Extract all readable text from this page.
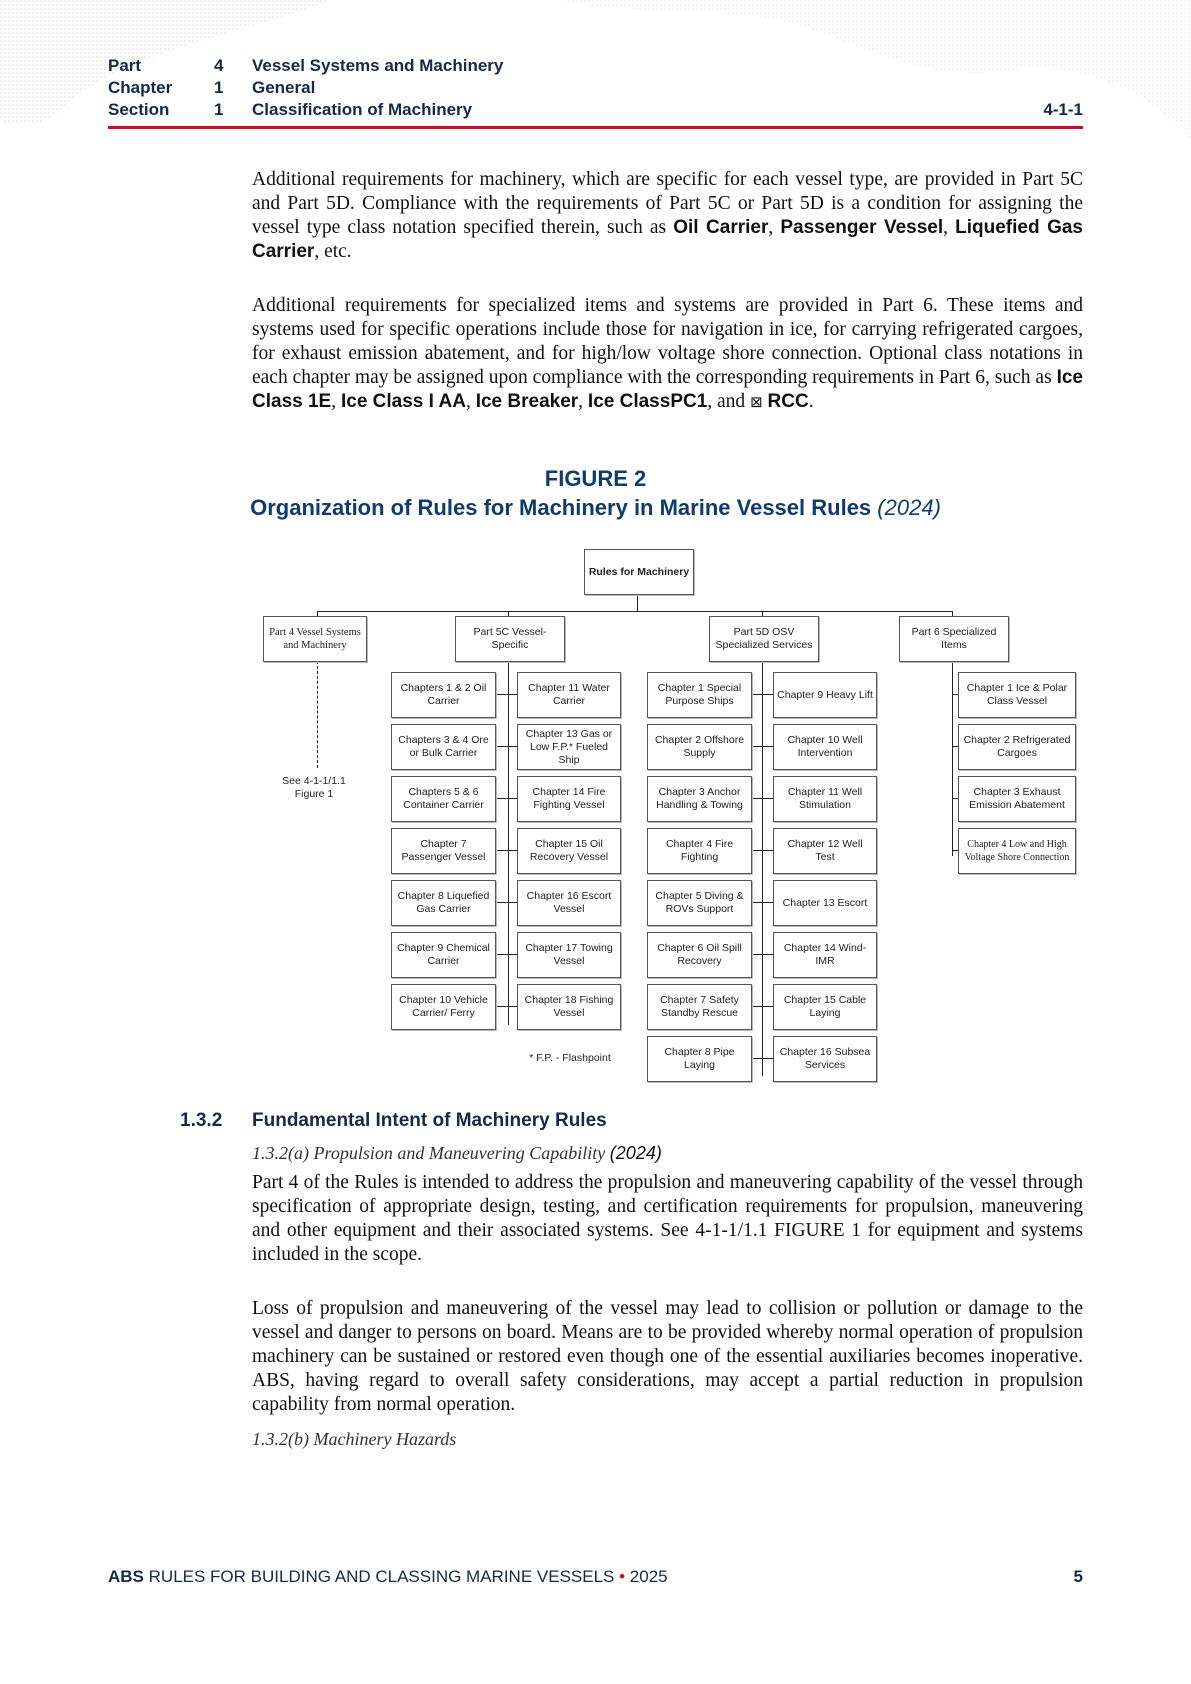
Part	4 Vessel Systems and Machinery
Chapter 1 General
Section	1 Classification of Machinery	4-1-1

Additional requirements for machinery, which are specific for each vessel type, are provided in Part 5C and Part 5D. Compliance with the requirements of Part 5C or Part 5D is a condition for assigning the vessel type class notation specified therein, such as Oil Carrier, Passenger Vessel, Liquefied Gas Carrier, etc.

Additional requirements for specialized items and systems are provided in Part 6. These items and systems used for specific operations include those for navigation in ice, for carrying refrigerated cargoes, for exhaust emission abatement, and for high/low voltage shore connection. Optional class notations in each chapter may be assigned upon compliance with the corresponding requirements in Part 6, such as Ice Class 1E, Ice Class I AA, Ice Breaker, Ice ClassPC1, and ⊠ RCC.

FIGURE 2
Organization of Rules for Machinery in Marine Vessel Rules (2024)
Rules for Machinery
Part 4 Vessel Systems and Machinery
See 4-1-1/1.1 Figure 1
Part 5C Vessel-Specific
Part 5D OSV Specialized Services
Part 6 Specialized Items
Chapters 1 & 2 Oil Carrier
Chapters 3 & 4 Ore or Bulk Carrier
Chapters 5 & 6 Container Carrier
Chapter 7 Passenger Vessel
Chapter 8 Liquefied Gas Carrier
Chapter 9 Chemical Carrier
Chapter 10 Vehicle Carrier/ Ferry
Chapter 11 Water Carrier
Chapter 13 Gas or Low F.P.* Fueled Ship
Chapter 14 Fire Fighting Vessel
Chapter 15 Oil Recovery Vessel
Chapter 16 Escort Vessel
Chapter 17 Towing Vessel
Chapter 18 Fishing Vessel
Chapter 1 Special Purpose Ships
Chapter 2 Offshore Supply
Chapter 3 Anchor Handling & Towing
Chapter 4 Fire Fighting
Chapter 5 Diving & ROVs Support
Chapter 6 Oil Spill Recovery
Chapter 7 Safety Standby Rescue
Chapter 8 Pipe Laying
Chapter 9 Heavy Lift
Chapter 10 Well Intervention
Chapter 11 Well Stimulation
Chapter 12 Well Test
Chapter 13 Escort
Chapter 14 Wind-IMR
Chapter 15 Cable Laying
Chapter 16 Subsea Services
Chapter 1 Ice & Polar Class Vessel
Chapter 2 Refrigerated Cargoes
Chapter 3 Exhaust Emission Abatement
Chapter 4 Low and High Voltage Shore Connection
* F.P. - Flashpoint
1.3.2 Fundamental Intent of Machinery Rules
1.3.2(a) Propulsion and Maneuvering Capability (2024)

Part 4 of the Rules is intended to address the propulsion and maneuvering capability of the vessel through specification of appropriate design, testing, and certification requirements for propulsion, maneuvering and other equipment and their associated systems. See 4-1-1/1.1 FIGURE 1 for equipment and systems included in the scope.

Loss of propulsion and maneuvering of the vessel may lead to collision or pollution or damage to the vessel and danger to persons on board. Means are to be provided whereby normal operation of propulsion machinery can be sustained or restored even though one of the essential auxiliaries becomes inoperative. ABS, having regard to overall safety considerations, may accept a partial reduction in propulsion capability from normal operation.

1.3.2(b) Machinery Hazards
ABS RULES FOR BUILDING AND CLASSING MARINE VESSELS • 2025	5
